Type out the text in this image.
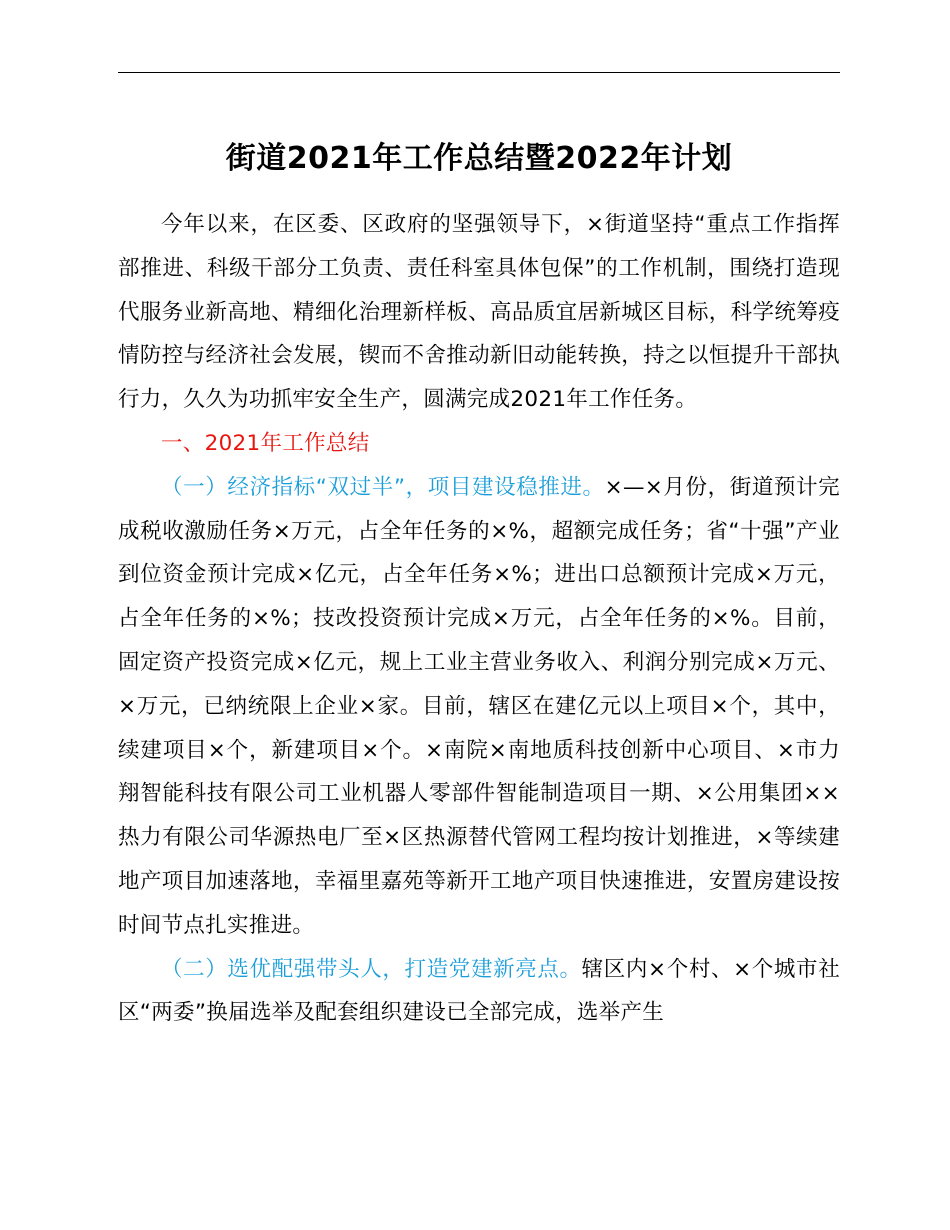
街道2021年工作总结暨2022年计划

今年以来，在区委、区政府的坚强领导下，×街道坚持“重点工作指挥部推进、科级干部分工负责、责任科室具体包保”的工作机制，围绕打造现代服务业新高地、精细化治理新样板、高品质宜居新城区目标，科学统筹疫情防控与经济社会发展，锲而不舍推动新旧动能转换，持之以恒提升干部执行力，久久为功抓牢安全生产，圆满完成2021年工作任务。

一、2021年工作总结

（一）经济指标“双过半”，项目建设稳推进。×—×月份，街道预计完成税收激励任务×万元，占全年任务的×%，超额完成任务；省“十强”产业到位资金预计完成×亿元，占全年任务×%；进出口总额预计完成×万元，占全年任务的×%；技改投资预计完成×万元，占全年任务的×%。目前，固定资产投资完成×亿元，规上工业主营业务收入、利润分别完成×万元、×万元，已纳统限上企业×家。目前，辖区在建亿元以上项目×个，其中，续建项目×个，新建项目×个。×南院×南地质科技创新中心项目、×市力翔智能科技有限公司工业机器人零部件智能制造项目一期、×公用集团××热力有限公司华源热电厂至×区热源替代管网工程均按计划推进，×等续建地产项目加速落地，幸福里嘉苑等新开工地产项目快速推进，安置房建设按时间节点扎实推进。

（二）选优配强带头人，打造党建新亮点。辖区内×个村、×个城市社区“两委”换届选举及配套组织建设已全部完成，选举产生
